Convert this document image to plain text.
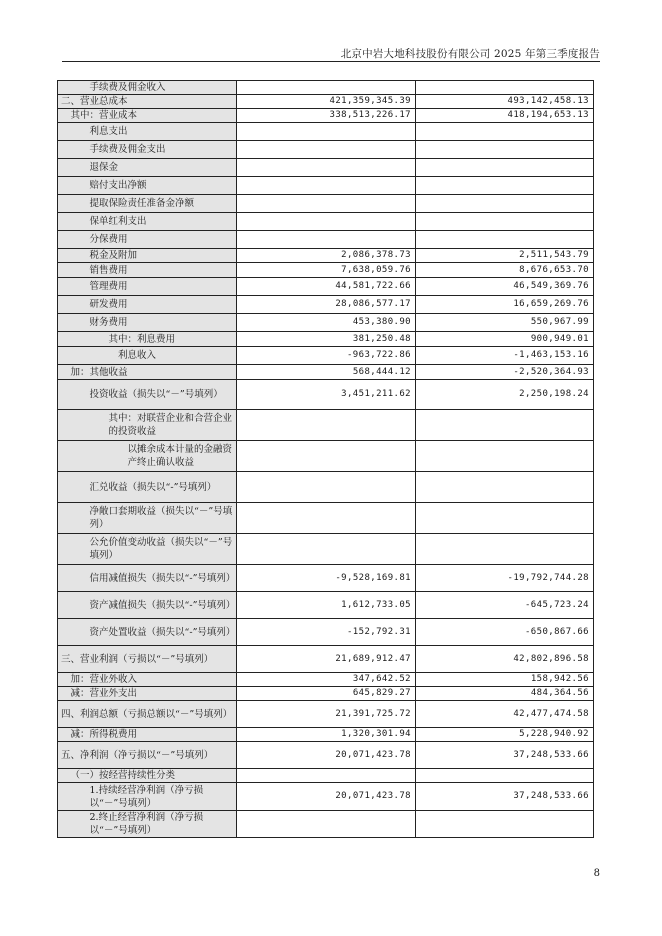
北京中岩大地科技股份有限公司 2025 年第三季度报告
手续费及佣金收入		
二、营业总成本	421,359,345.39	493,142,458.13
其中：营业成本	338,513,226.17	418,194,653.13
利息支出		
手续费及佣金支出		
退保金		
赔付支出净额		
提取保险责任准备金净额		
保单红利支出		
分保费用		
税金及附加	2,086,378.73	2,511,543.79
销售费用	7,638,059.76	8,676,653.70
管理费用	44,581,722.66	46,549,369.76
研发费用	28,086,577.17	16,659,269.76
财务费用	453,380.90	550,967.99
其中：利息费用	381,250.48	900,949.01
利息收入	-963,722.86	-1,463,153.16
加：其他收益	568,444.12	-2,520,364.93
投资收益（损失以“－”号填列）	3,451,211.62	2,250,198.24
其中：对联营企业和合营企业的投资收益		
以摊余成本计量的金融资产终止确认收益		
汇兑收益（损失以“-”号填列）		
净敞口套期收益（损失以“－”号填列）		
公允价值变动收益（损失以“－”号填列）		
信用减值损失（损失以“-”号填列）	-9,528,169.81	-19,792,744.28
资产减值损失（损失以“-”号填列）	1,612,733.05	-645,723.24
资产处置收益（损失以“-”号填列）	-152,792.31	-650,867.66
三、营业利润（亏损以“－”号填列）	21,689,912.47	42,802,896.58
加：营业外收入	347,642.52	158,942.56
减：营业外支出	645,829.27	484,364.56
四、利润总额（亏损总额以“－”号填列）	21,391,725.72	42,477,474.58
减：所得税费用	1,320,301.94	5,228,940.92
五、净利润（净亏损以“－”号填列）	20,071,423.78	37,248,533.66
（一）按经营持续性分类		
1.持续经营净利润（净亏损以“－”号填列）	20,071,423.78	37,248,533.66
2.终止经营净利润（净亏损以“－”号填列）		
8
